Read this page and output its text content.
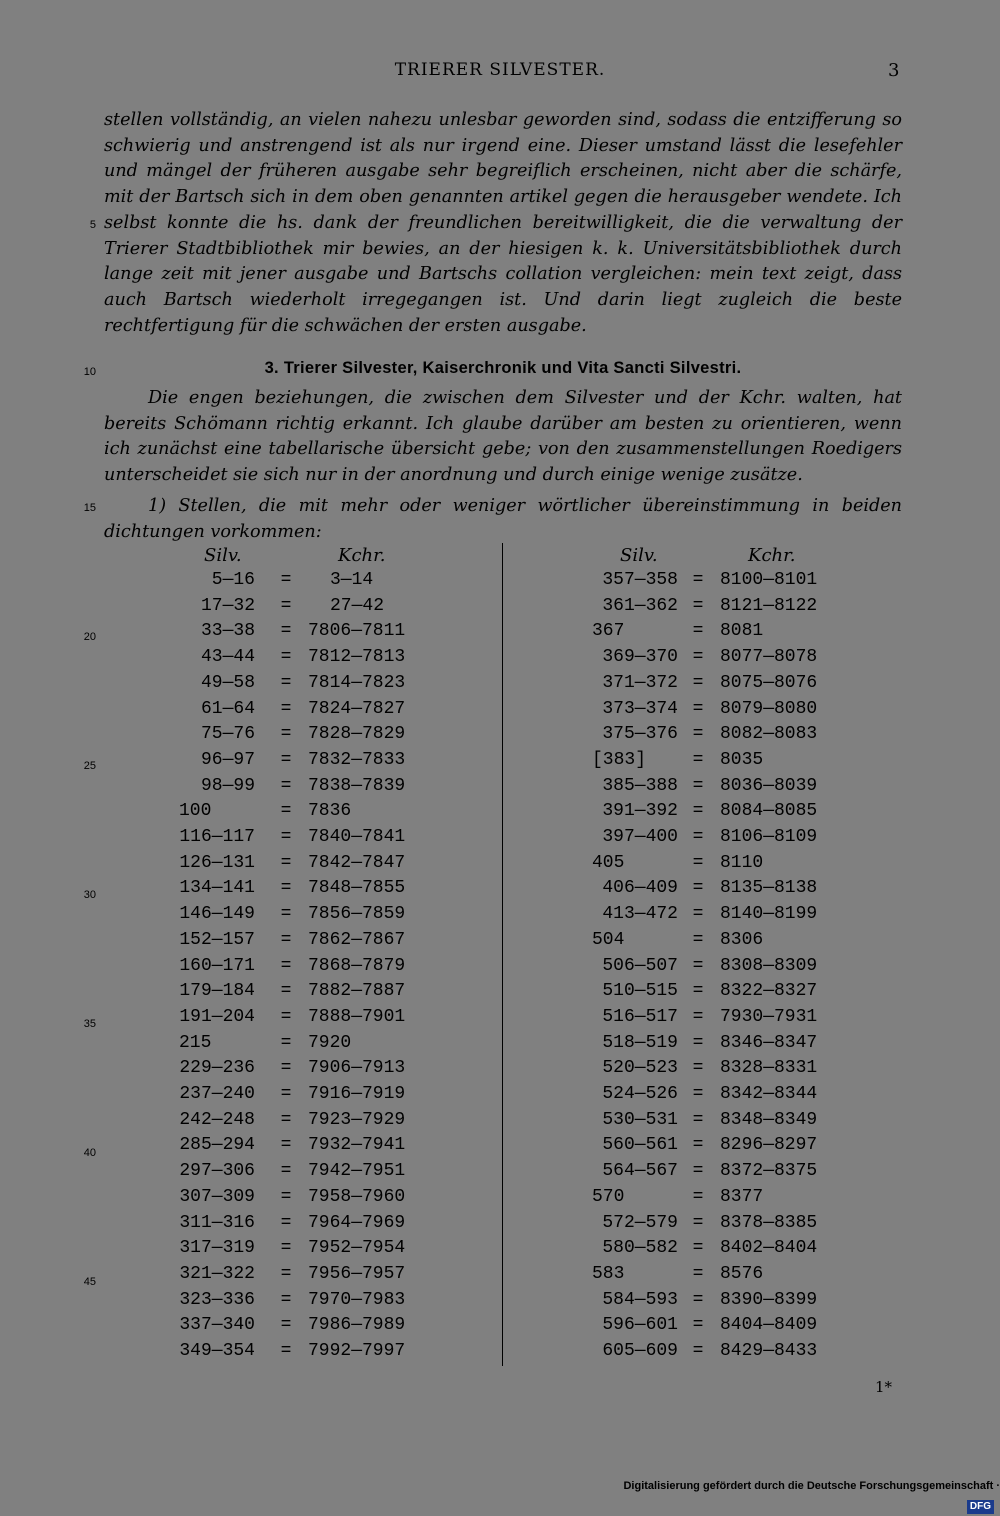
TRIERER SILVESTER.	3
stellen vollständig, an vielen nahezu unlesbar geworden sind, sodass die entzifferung so schwierig und anstrengend ist als nur irgend eine. Dieser umstand lässt die lesefehler und mängel der früheren ausgabe sehr begreiflich erscheinen, nicht aber die schärfe, mit der Bartsch sich in dem oben genannten artikel gegen die herausgeber wendete. Ich selbst konnte die hs. dank der freundlichen bereitwilligkeit, die die verwaltung der Trierer Stadtbibliothek mir bewies, an der hiesigen k. k. Universitätsbibliothek durch lange zeit mit jener ausgabe und Bartschs collation vergleichen: mein text zeigt, dass auch Bartsch wiederholt irregegangen ist. Und darin liegt zugleich die beste rechtfertigung für die schwächen der ersten ausgabe.
3. Trierer Silvester, Kaiserchronik und Vita Sancti Silvestri.
Die engen beziehungen, die zwischen dem Silvester und der Kchr. walten, hat bereits Schömann richtig erkannt. Ich glaube darüber am besten zu orientieren, wenn ich zunächst eine tabellarische übersicht gebe; von den zusammenstellungen Roedigers unterscheidet sie sich nur in der anordnung und durch einige wenige zusätze.
1) Stellen, die mit mehr oder weniger wörtlicher übereinstimmung in beiden dichtungen vorkommen:
5
10
15
20
25
30
35
40
45
Silv.	Kchr.	Silv.	Kchr.
1*
Digitalisierung gefördert durch die Deutsche Forschungsgemeinschaft ·DFG
5—16 = 3—14
17—32 = 27—42
33—38 = 7806—7811
43—44 = 7812—7813
49—58 = 7814—7823
61—64 = 7824—7827
75—76 = 7828—7829
96—97 = 7832—7833
98—99 = 7838—7839
100	= 7836
116—117 = 7840—7841
126—131 = 7842—7847
134—141 = 7848—7855
146—149 = 7856—7859
152—157 = 7862—7867
160—171 = 7868—7879
179—184 = 7882—7887
191—204 = 7888—7901
215	= 7920
229—236 = 7906—7913
237—240 = 7916—7919
242—248 = 7923—7929
285—294 = 7932—7941
297—306 = 7942—7951
307—309 = 7958—7960
311—316 = 7964—7969
317—319 = 7952—7954
321—322 = 7956—7957
323—336 = 7970—7983
337—340 = 7986—7989
349—354 = 7992—7997
357—358 = 8100—8101
361—362 = 8121—8122
367	= 8081
369—370 = 8077—8078
371—372 = 8075—8076
373—374 = 8079—8080
375—376 = 8082—8083
[383]	= 8035
385—388 = 8036—8039
391—392 = 8084—8085
397—400 = 8106—8109
405	= 8110
406—409 = 8135—8138
413—472 = 8140—8199
504	= 8306
506—507 = 8308—8309
510—515 = 8322—8327
516—517 = 7930—7931
518—519 = 8346—8347
520—523 = 8328—8331
524—526 = 8342—8344
530—531 = 8348—8349
560—561 = 8296—8297
564—567 = 8372—8375
570	= 8377
572—579 = 8378—8385
580—582 = 8402—8404
583	= 8576
584—593 = 8390—8399
596—601 = 8404—8409
605—609 = 8429—8433
